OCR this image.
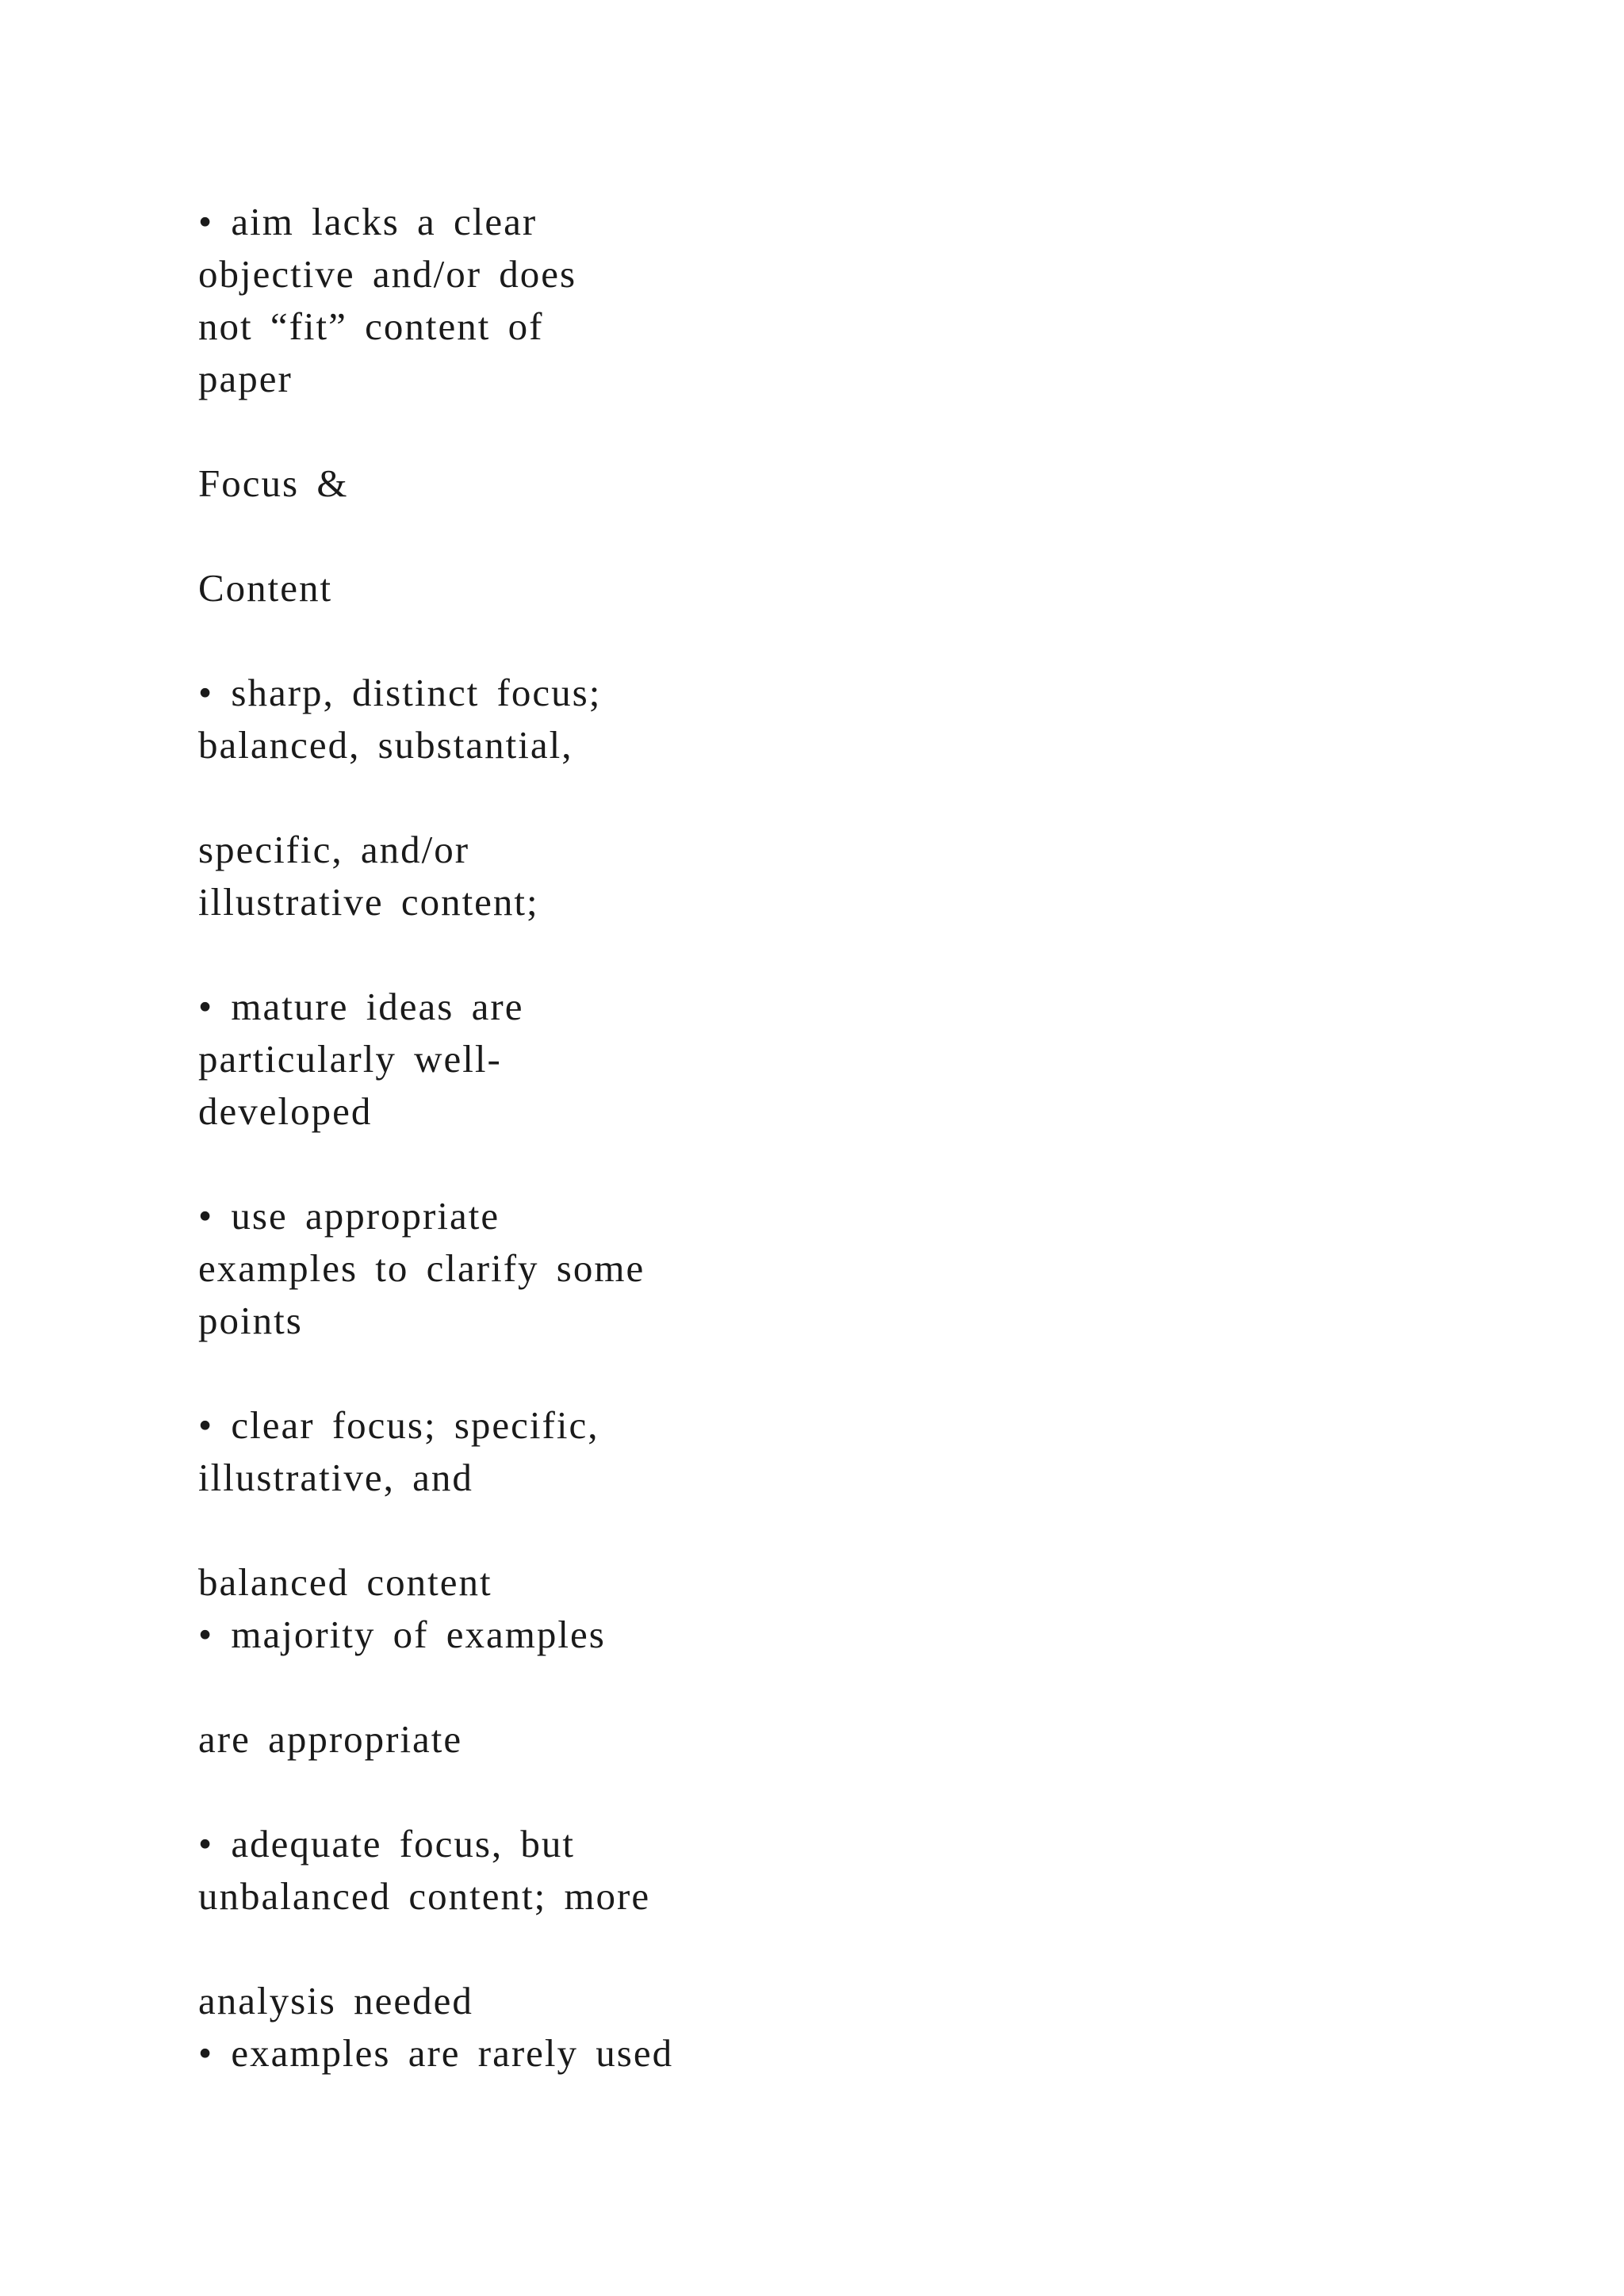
• aim lacks a clear

objective and/or does

not “fit” content of

paper

Focus &

Content

• sharp, distinct focus;

balanced, substantial,

specific, and/or

illustrative content;

• mature ideas are

particularly well-

developed

• use appropriate

examples to clarify some

points

• clear focus; specific,

illustrative, and

balanced content

• majority of examples

are appropriate

• adequate focus, but

unbalanced content; more

analysis needed

• examples are rarely used
